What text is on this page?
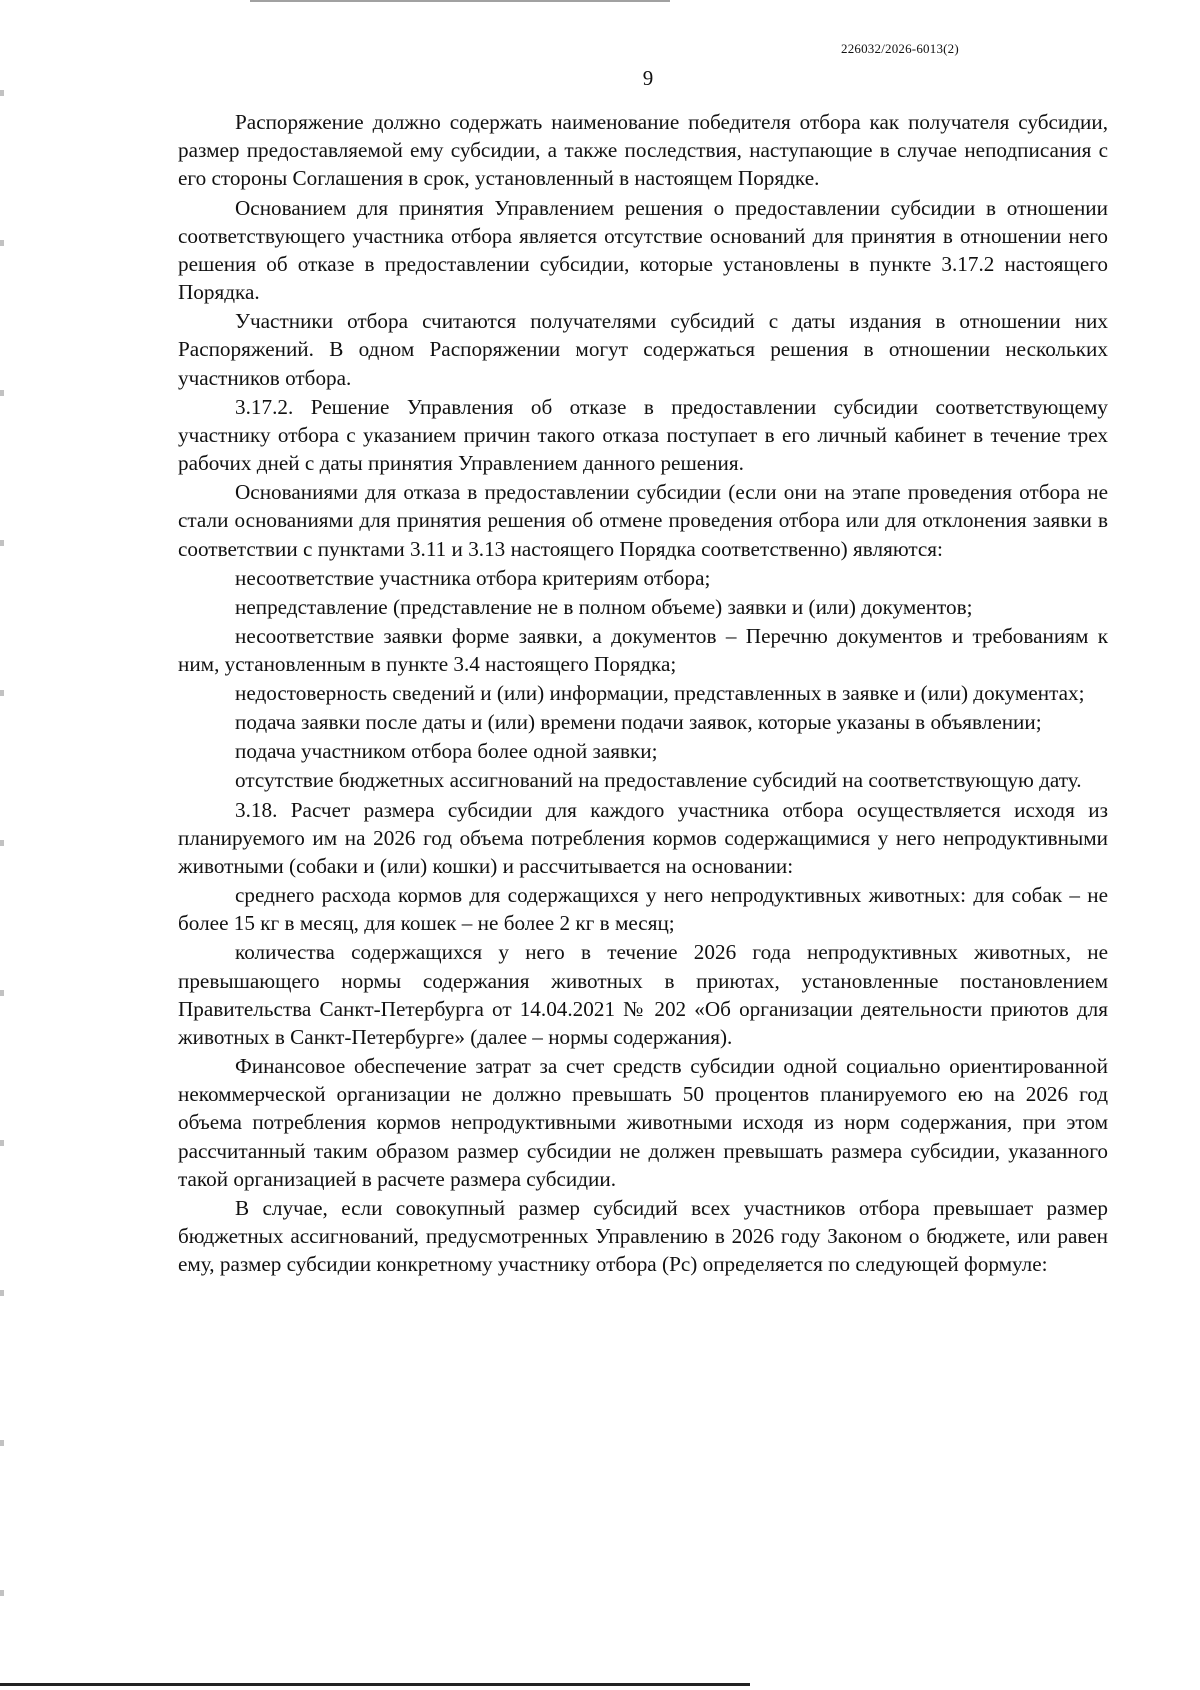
226032/2026-6013(2)
9

Распоряжение должно содержать наименование победителя отбора как получателя субсидии, размер предоставляемой ему субсидии, а также последствия, наступающие в случае неподписания с его стороны Соглашения в срок, установленный в настоящем Порядке.

Основанием для принятия Управлением решения о предоставлении субсидии в отношении соответствующего участника отбора является отсутствие оснований для принятия в отношении него решения об отказе в предоставлении субсидии, которые установлены в пункте 3.17.2 настоящего Порядка.

Участники отбора считаются получателями субсидий с даты издания в отношении них Распоряжений. В одном Распоряжении могут содержаться решения в отношении нескольких участников отбора.

3.17.2. Решение Управления об отказе в предоставлении субсидии соответствующему участнику отбора с указанием причин такого отказа поступает в его личный кабинет в течение трех рабочих дней с даты принятия Управлением данного решения.

Основаниями для отказа в предоставлении субсидии (если они на этапе проведения отбора не стали основаниями для принятия решения об отмене проведения отбора или для отклонения заявки в соответствии с пунктами 3.11 и 3.13 настоящего Порядка соответственно) являются:

несоответствие участника отбора критериям отбора;

непредставление (представление не в полном объеме) заявки и (или) документов;

несоответствие заявки форме заявки, а документов – Перечню документов и требованиям к ним, установленным в пункте 3.4 настоящего Порядка;

недостоверность сведений и (или) информации, представленных в заявке и (или) документах;

подача заявки после даты и (или) времени подачи заявок, которые указаны в объявлении;

подача участником отбора более одной заявки;

отсутствие бюджетных ассигнований на предоставление субсидий на соответствующую дату.

3.18. Расчет размера субсидии для каждого участника отбора осуществляется исходя из планируемого им на 2026 год объема потребления кормов содержащимися у него непродуктивными животными (собаки и (или) кошки) и рассчитывается на основании:

среднего расхода кормов для содержащихся у него непродуктивных животных: для собак – не более 15 кг в месяц, для кошек – не более 2 кг в месяц;

количества содержащихся у него в течение 2026 года непродуктивных животных, не превышающего нормы содержания животных в приютах, установленные постановлением Правительства Санкт-Петербурга от 14.04.2021 № 202 «Об организации деятельности приютов для животных в Санкт-Петербурге» (далее – нормы содержания).

Финансовое обеспечение затрат за счет средств субсидии одной социально ориентированной некоммерческой организации не должно превышать 50 процентов планируемого ею на 2026 год объема потребления кормов непродуктивными животными исходя из норм содержания, при этом рассчитанный таким образом размер субсидии не должен превышать размера субсидии, указанного такой организацией в расчете размера субсидии.

В случае, если совокупный размер субсидий всех участников отбора превышает размер бюджетных ассигнований, предусмотренных Управлению в 2026 году Законом о бюджете, или равен ему, размер субсидии конкретному участнику отбора (Pc) определяется по следующей формуле:
